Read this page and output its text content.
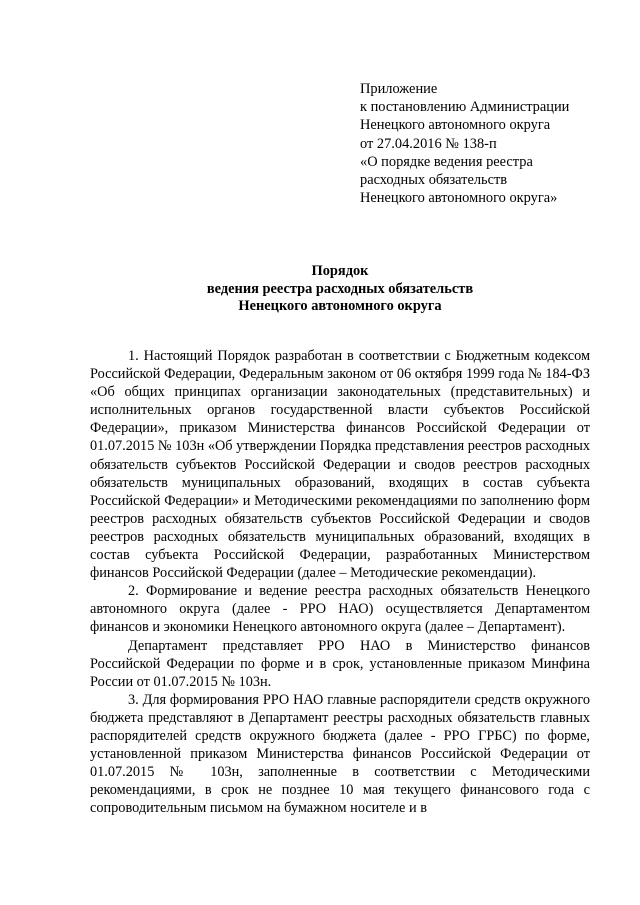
Приложение
к постановлению Администрации
Ненецкого автономного округа
от 27.04.2016 № 138-п
«О порядке ведения реестра
расходных обязательств
Ненецкого автономного округа»
Порядок
ведения реестра расходных обязательств
Ненецкого автономного округа

1. Настоящий Порядок разработан в соответствии с Бюджетным кодексом Российской Федерации, Федеральным законом от 06 октября 1999 года № 184-ФЗ «Об общих принципах организации законодательных (представительных) и исполнительных органов государственной власти субъектов Российской Федерации», приказом Министерства финансов Российской Федерации от 01.07.2015 № 103н «Об утверждении Порядка представления реестров расходных обязательств субъектов Российской Федерации и сводов реестров расходных обязательств муниципальных образований, входящих в состав субъекта Российской Федерации» и Методическими рекомендациями по заполнению форм реестров расходных обязательств субъектов Российской Федерации и сводов реестров расходных обязательств муниципальных образований, входящих в состав субъекта Российской Федерации, разработанных Министерством финансов Российской Федерации (далее – Методические рекомендации).

2. Формирование и ведение реестра расходных обязательств Ненецкого автономного округа (далее - РРО НАО) осуществляется Департаментом финансов и экономики Ненецкого автономного округа (далее – Департамент).

Департамент представляет РРО НАО в Министерство финансов Российской Федерации по форме и в срок, установленные приказом Минфина России от 01.07.2015 № 103н.

3. Для формирования РРО НАО главные распорядители средств окружного бюджета представляют в Департамент реестры расходных обязательств главных распорядителей средств окружного бюджета (далее - РРО ГРБС) по форме, установленной приказом Министерства финансов Российской Федерации от 01.07.2015 № 103н, заполненные в соответствии с Методическими рекомендациями, в срок не позднее 10 мая текущего финансового года с сопроводительным письмом на бумажном носителе и в
